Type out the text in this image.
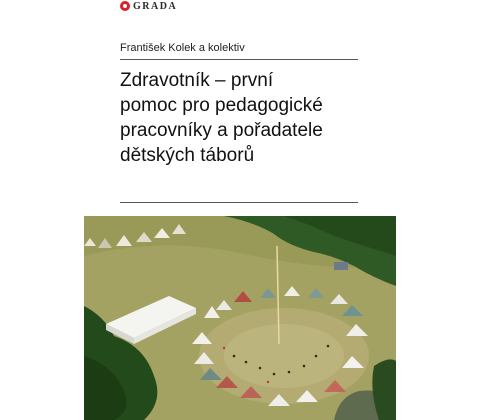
GRADA
František Kolek a kolektiv
Zdravotník – první
pomoc pro pedagogické
pracovníky a pořadatele
dětských táborů
